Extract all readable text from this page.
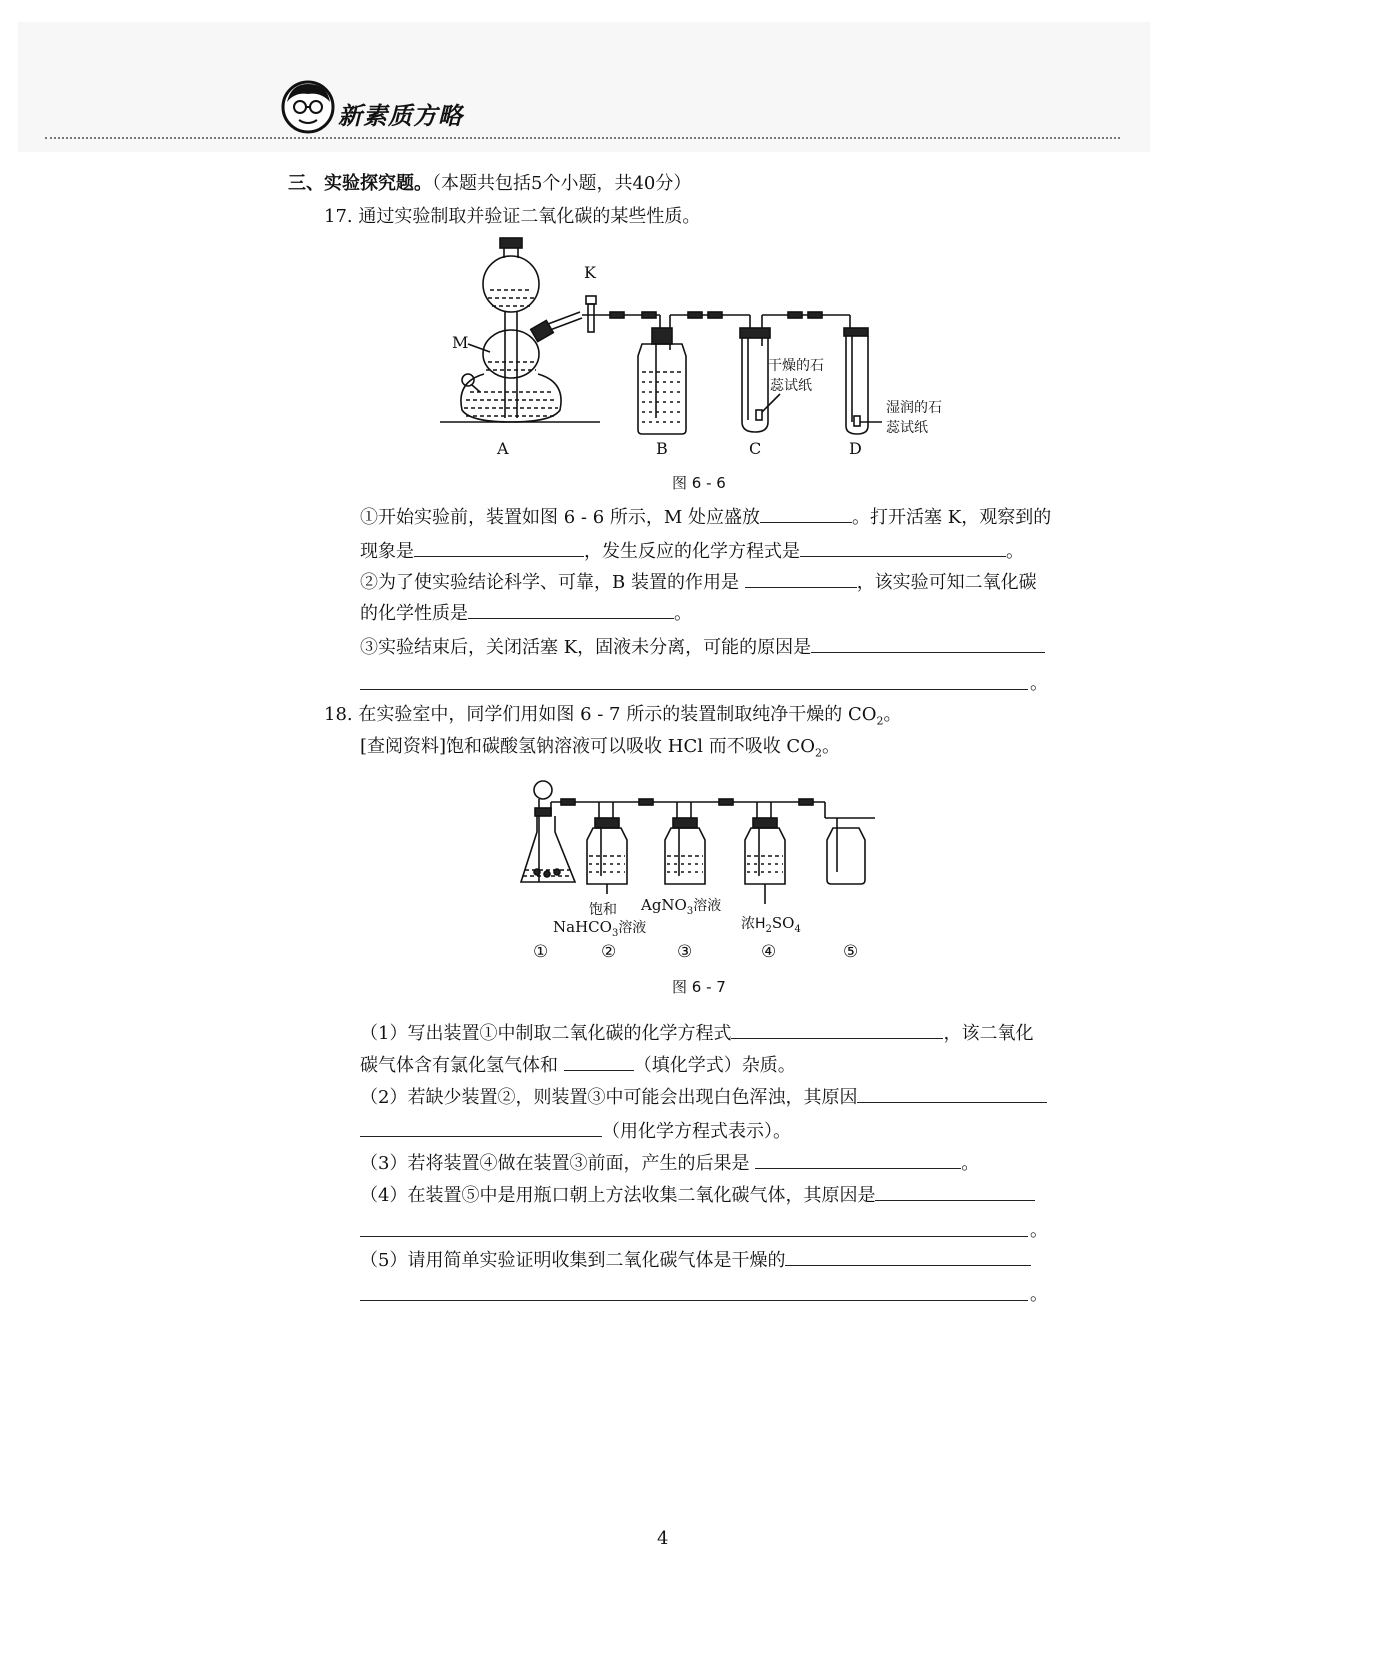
新素质方略
三、实验探究题。（本题共包括5个小题，共40分）
17. 通过实验制取并验证二氧化碳的某些性质。
K
M
A	B	C	D
干燥的石
蕊试纸
湿润的石
蕊试纸
图 6 - 6
①开始实验前，装置如图 6 - 6 所示，M 处应盛放	。打开活塞 K，观察到的
现象是	，发生反应的化学方程式是	。
②为了使实验结论科学、可靠，B 装置的作用是	，该实验可知二氧化碳
的化学性质是	。
③实验结束后，关闭活塞 K，固液未分离，可能的原因是
。
18. 在实验室中，同学们用如图 6 - 7 所示的装置制取纯净干燥的 $CO_2$。
[查阅资料]饱和碳酸氢钠溶液可以吸收 HCl 而不吸收 $CO_2$。
饱和
NaHCO$_3$溶液
AgNO$_3$溶液
浓$H_2SO_4$
①	②	③	④	⑤
图 6 - 7
（1）写出装置①中制取二氧化碳的化学方程式	，该二氧化
碳气体含有氯化氢气体和	（填化学式）杂质。
（2）若缺少装置②，则装置③中可能会出现白色浑浊，其原因
（用化学方程式表示）。
（3）若将装置④做在装置③前面，产生的后果是	。
（4）在装置⑤中是用瓶口朝上方法收集二氧化碳气体，其原因是
。
（5）请用简单实验证明收集到二氧化碳气体是干燥的
。
4
